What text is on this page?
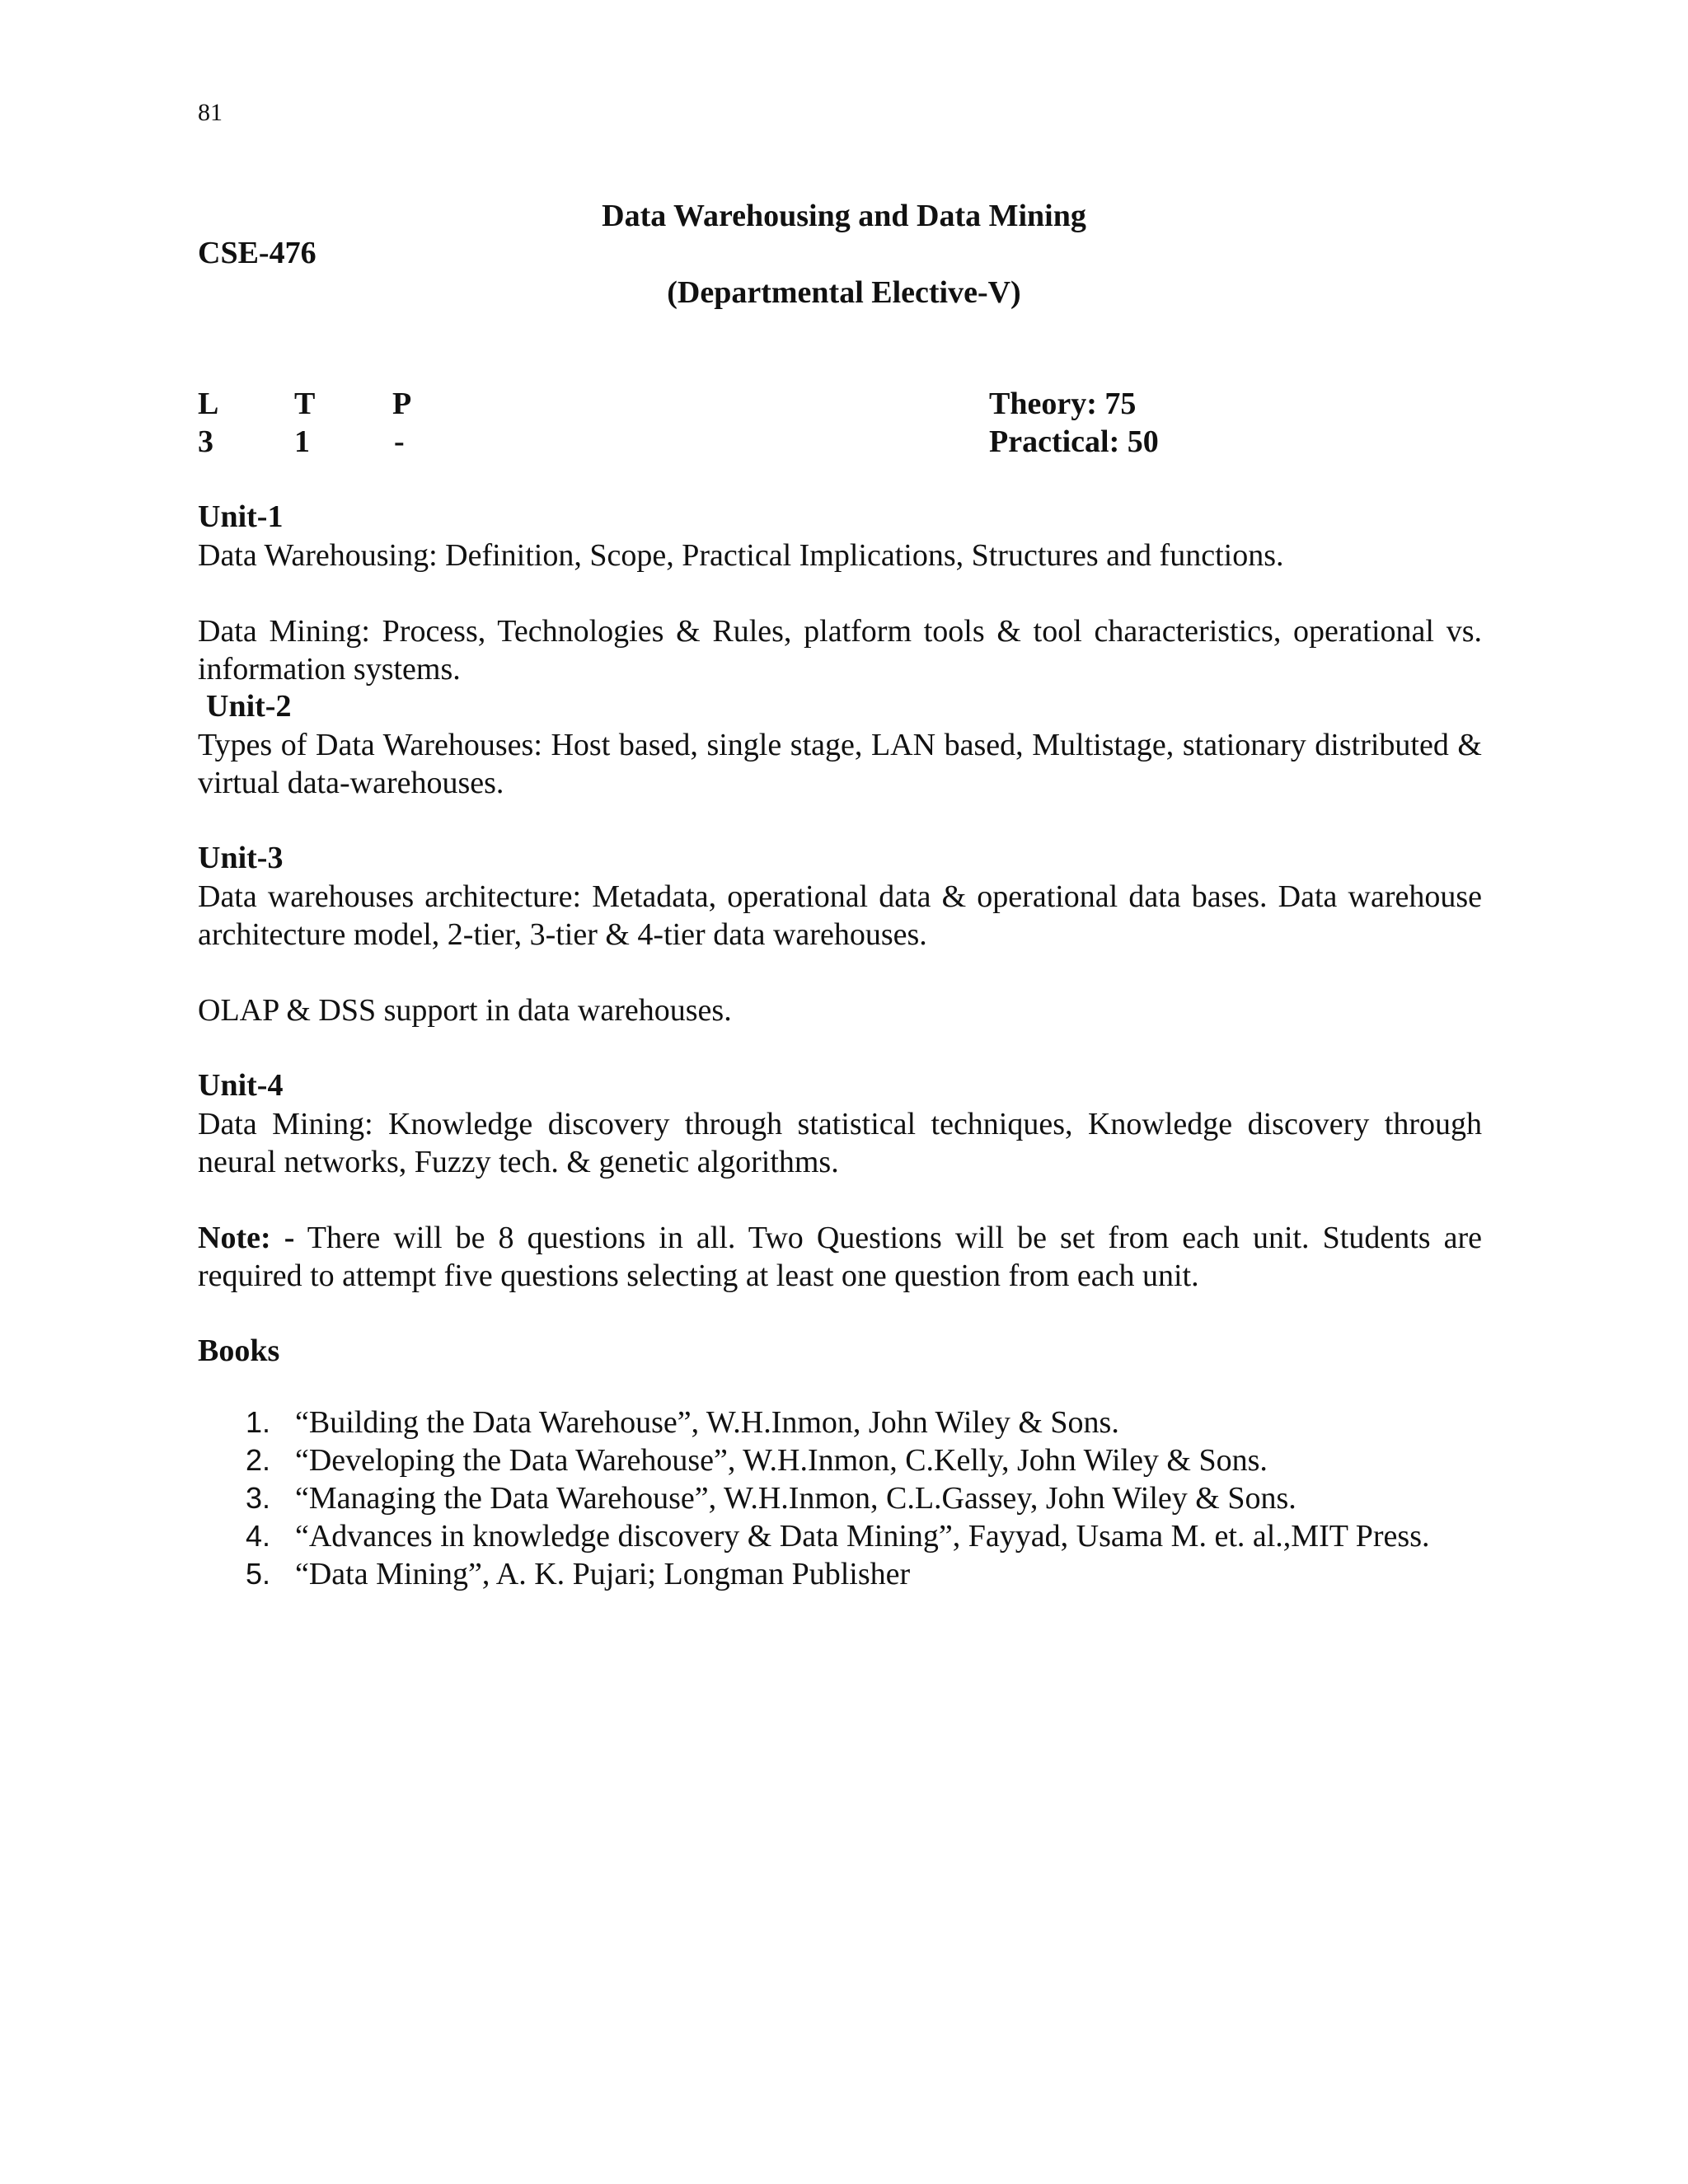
81
Data Warehousing and Data Mining
CSE-476
(Departmental Elective-V)
L T P
3	1	-
Theory: 75
Practical: 50
Unit-1
Data Warehousing: Definition, Scope, Practical Implications, Structures and functions.
Data Mining: Process, Technologies & Rules, platform tools & tool characteristics, operational vs. information systems.
Unit-2
Types of Data Warehouses: Host based, single stage, LAN based, Multistage, stationary distributed & virtual data-warehouses.
Unit-3
Data warehouses architecture: Metadata, operational data & operational data bases. Data warehouse architecture model, 2-tier, 3-tier & 4-tier data warehouses.
OLAP & DSS support in data warehouses.
Unit-4
Data Mining: Knowledge discovery through statistical techniques, Knowledge discovery through neural networks, Fuzzy tech. & genetic algorithms.
Note: - There will be 8 questions in all. Two Questions will be set from each unit. Students are required to attempt five questions selecting at least one question from each unit.
Books
1. “Building the Data Warehouse”, W.H.Inmon, John Wiley & Sons.
2. “Developing the Data Warehouse”, W.H.Inmon, C.Kelly, John Wiley & Sons.
3. “Managing the Data Warehouse”, W.H.Inmon, C.L.Gassey, John Wiley & Sons.
4. “Advances in knowledge discovery & Data Mining”, Fayyad, Usama M. et. al.,MIT Press.
5. “Data Mining”, A. K. Pujari; Longman Publisher
